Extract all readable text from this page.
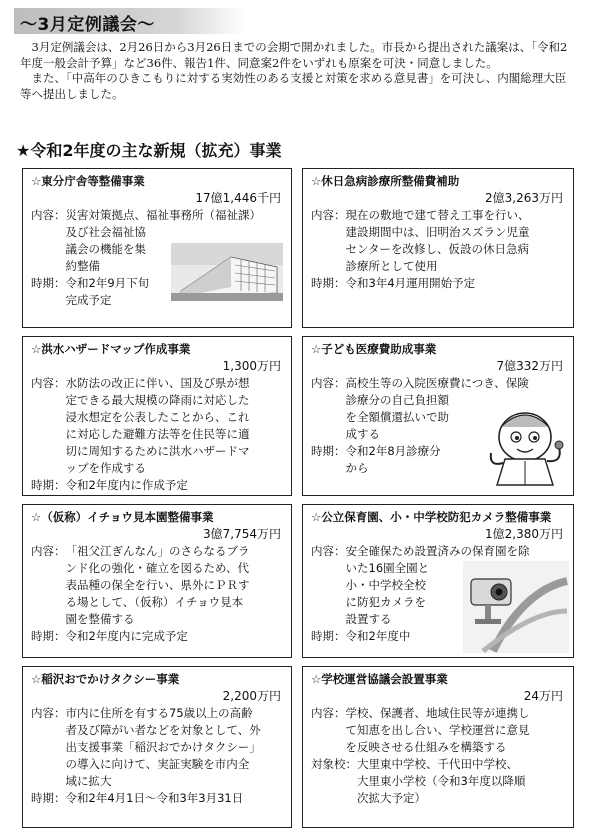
〜3月定例議会〜

3月定例議会は、2月26日から3月26日までの会期で開かれました。市長から提出された議案は、「令和2年度一般会計予算」など36件、報告1件、同意案2件をいずれも原案を可決・同意しました。

また、「中高年のひきこもりに対する実効性のある支援と対策を求める意見書」を可決し、内閣総理大臣等へ提出しました。

★令和2年度の主な新規（拡充）事業
☆東分庁舎等整備事業
17億1,446千円
内容： 災害対策拠点、福祉事務所（福祉課）
及び社会福祉協
議会の機能を集
約整備
時期： 令和2年9月下旬
完成予定
☆休日急病診療所整備費補助
2億3,263万円
内容： 現在の敷地で建て替え工事を行い、
建設期間中は、旧明治スズラン児童
センターを改修し、仮設の休日急病
診療所として使用
時期： 令和3年4月運用開始予定
☆洪水ハザードマップ作成事業
1,300万円
内容： 水防法の改正に伴い、国及び県が想
定できる最大規模の降雨に対応した
浸水想定を公表したことから、これ
に対応した避難方法等を住民等に適
切に周知するために洪水ハザードマ
ップを作成する
時期： 令和2年度内に作成予定
☆子ども医療費助成事業
7億332万円
内容： 高校生等の入院医療費につき、保険
診療分の自己負担額
を全額償還払いで助
成する
時期： 令和2年8月診療分
から
☆（仮称）イチョウ見本園整備事業
3億7,754万円
内容： 「祖父江ぎんなん」のさらなるブラ
ンド化の強化・確立を図るため、代
表品種の保全を行い、県外にＰＲす
る場として、（仮称）イチョウ見本
園を整備する
時期： 令和2年度内に完成予定
☆公立保育園、小・中学校防犯カメラ整備事業
1億2,380万円
内容： 安全確保ため設置済みの保育園を除
いた16園全園と
小・中学校全校
に防犯カメラを
設置する
時期： 令和2年度中
☆稲沢おでかけタクシー事業
2,200万円
内容： 市内に住所を有する75歳以上の高齢
者及び障がい者などを対象として、外
出支援事業「稲沢おでかけタクシー」
の導入に向けて、実証実験を市内全
域に拡大
時期： 令和2年4月1日〜令和3年3月31日
☆学校運営協議会設置事業
24万円
内容： 学校、保護者、地域住民等が連携し
て知恵を出し合い、学校運営に意見
を反映させる仕組みを構築する
対象校： 大里東中学校、千代田中学校、
大里東小学校（令和3年度以降順
次拡大予定）
